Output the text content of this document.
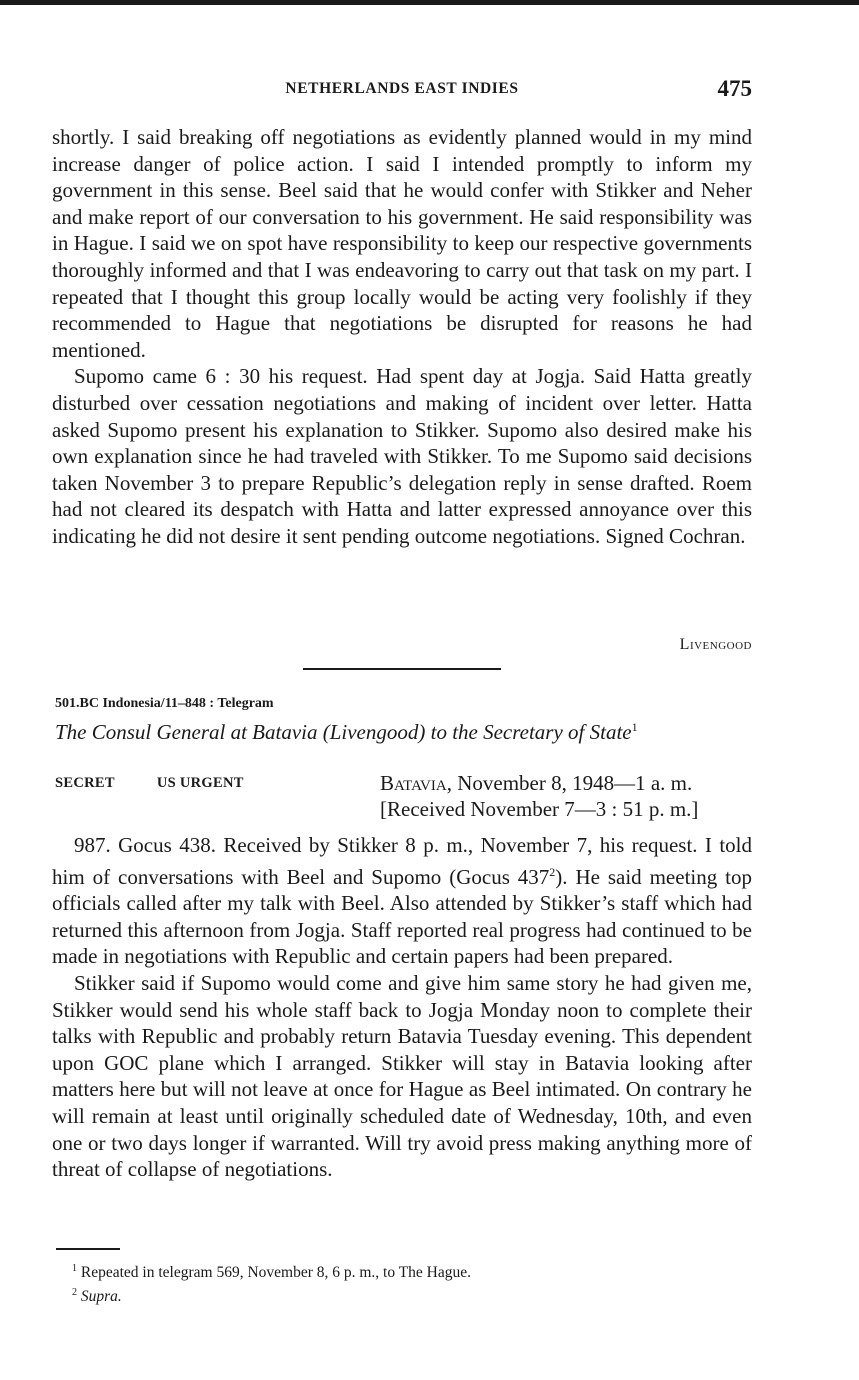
NETHERLANDS EAST INDIES	475

shortly. I said breaking off negotiations as evidently planned would in my mind increase danger of police action. I said I intended promptly to inform my government in this sense. Beel said that he would confer with Stikker and Neher and make report of our conversation to his government. He said responsibility was in Hague. I said we on spot have responsibility to keep our respective governments thoroughly informed and that I was endeavoring to carry out that task on my part. I repeated that I thought this group locally would be acting very foolishly if they recommended to Hague that negotiations be disrupted for reasons he had mentioned.

Supomo came 6 : 30 his request. Had spent day at Jogja. Said Hatta greatly disturbed over cessation negotiations and making of incident over letter. Hatta asked Supomo present his explanation to Stikker. Supomo also desired make his own explanation since he had traveled with Stikker. To me Supomo said decisions taken November 3 to prepare Republic’s delegation reply in sense drafted. Roem had not cleared its despatch with Hatta and latter expressed annoyance over this indicating he did not desire it sent pending outcome negotiations. Signed Cochran.

Livengood
501.BC Indonesia/11–848 : Telegram
The Consul General at Batavia (Livengood) to the Secretary of State$^1$
SECRET	US URGENT	Batavia, November 8, 1948—1 a. m.
[Received November 7—3 : 51 p. m.]

987. Gocus 438. Received by Stikker 8 p. m., November 7, his request. I told him of conversations with Beel and Supomo (Gocus $437^2$). He said meeting top officials called after my talk with Beel. Also attended by Stikker’s staff which had returned this afternoon from Jogja. Staff reported real progress had continued to be made in negotiations with Republic and certain papers had been prepared.

Stikker said if Supomo would come and give him same story he had given me, Stikker would send his whole staff back to Jogja Monday noon to complete their talks with Republic and probably return Batavia Tuesday evening. This dependent upon GOC plane which I arranged. Stikker will stay in Batavia looking after matters here but will not leave at once for Hague as Beel intimated. On contrary he will remain at least until originally scheduled date of Wednesday, 10th, and even one or two days longer if warranted. Will try avoid press making anything more of threat of collapse of negotiations.

$^1$ Repeated in telegram 569, November 8, 6 p. m., to The Hague.
$^2$ Supra.
